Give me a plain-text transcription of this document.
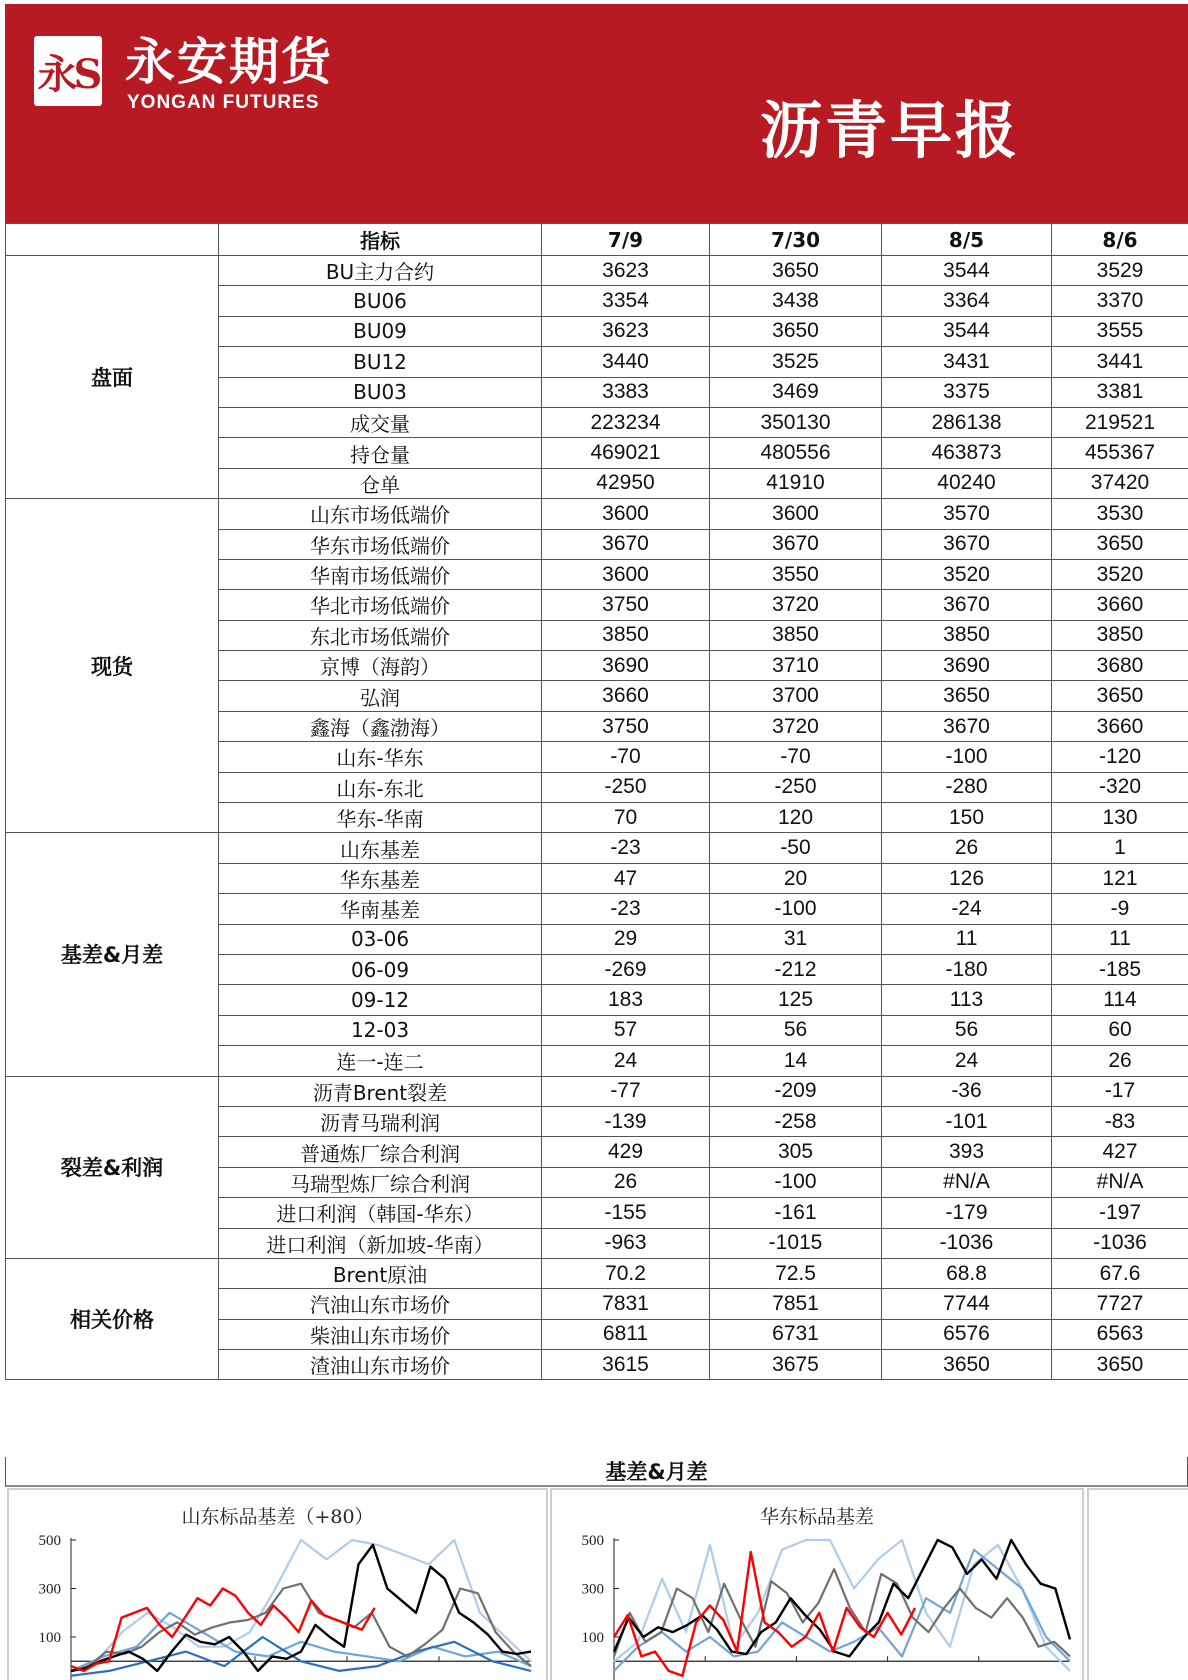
永S 永安期货
YONGAN FUTURES	沥青早报
	指标	7/9	7/30	8/5	8/6
盘面	BU主力合约	3623	3650	3544	3529
	BU06	3354	3438	3364	3370
	BU09	3623	3650	3544	3555
	BU12	3440	3525	3431	3441
	BU03	3383	3469	3375	3381
	成交量	223234	350130	286138	219521
	持仓量	469021	480556	463873	455367
	仓单	42950	41910	40240	37420
现货	山东市场低端价	3600	3600	3570	3530
	华东市场低端价	3670	3670	3670	3650
	华南市场低端价	3600	3550	3520	3520
	华北市场低端价	3750	3720	3670	3660
	东北市场低端价	3850	3850	3850	3850
	京博（海韵）	3690	3710	3690	3680
	弘润	3660	3700	3650	3650
	鑫海（鑫渤海）	3750	3720	3670	3660
	山东-华东	-70	-70	-100	-120
	山东-东北	-250	-250	-280	-320
	华东-华南	70	120	150	130
基差&月差	山东基差	-23	-50	26	1
	华东基差	47	20	126	121
	华南基差	-23	-100	-24	-9
	03-06	29	31	11	11
	06-09	-269	-212	-180	-185
	09-12	183	125	113	114
	12-03	57	56	56	60
	连一-连二	24	14	24	26
裂差&利润	沥青Brent裂差	-77	-209	-36	-17
	沥青马瑞利润	-139	-258	-101	-83
	普通炼厂综合利润	429	305	393	427
	马瑞型炼厂综合利润	26	-100	#N/A	#N/A
	进口利润（韩国-华东）	-155	-161	-179	-197
	进口利润（新加坡-华南）	-963	-1015	-1036	-1036
相关价格	Brent原油	70.2	72.5	68.8	67.6
	汽油山东市场价	7831	7851	7744	7727
	柴油山东市场价	6811	6731	6576	6563
	渣油山东市场价	3615	3675	3650	3650
基差&月差
500
300
100
山东标品基差（+80）
500
300
100
华东标品基差
